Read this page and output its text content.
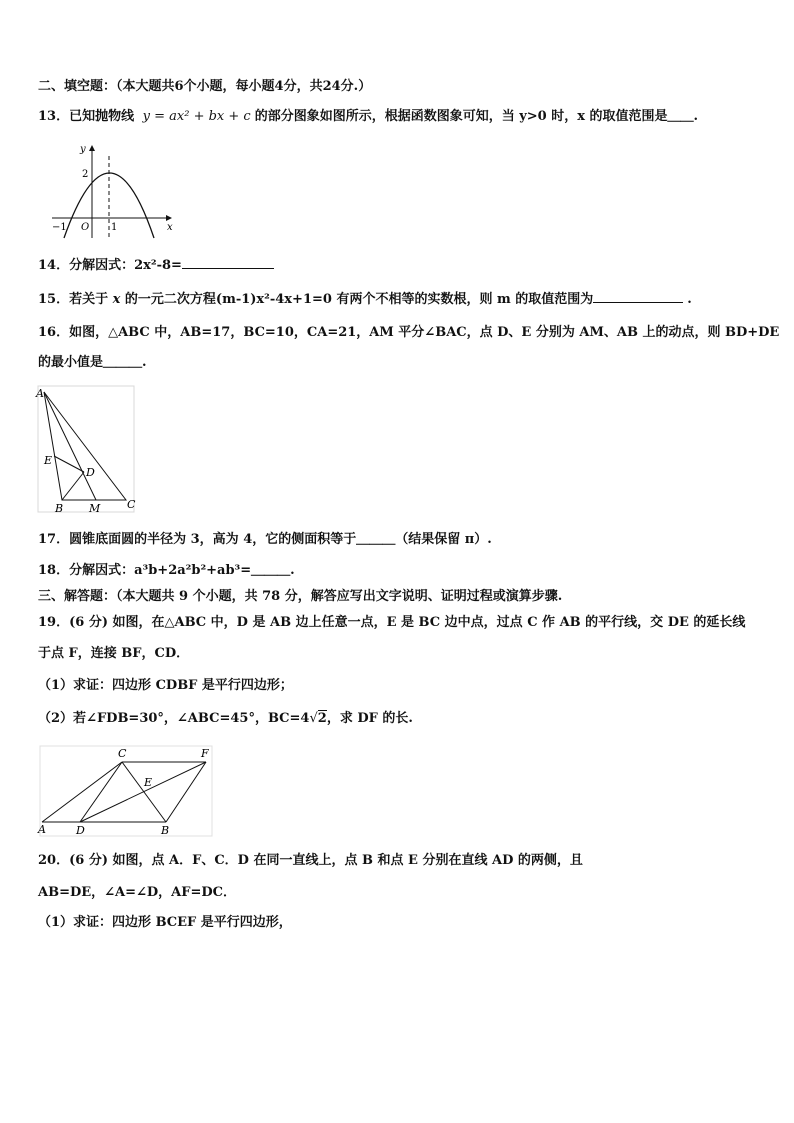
二、填空题：（本大题共6个小题，每小题4分，共24分.）
13．已知抛物线 y = ax² + bx + c 的部分图象如图所示，根据函数图象可知，当 y>0 时，x 的取值范围是＿＿.
y
x
2
−1 O 1
14．分解因式：2x²-8=
15．若关于 x 的一元二次方程(m-1)x²-4x+1=0 有两个不相等的实数根，则 m 的取值范围为	.
16．如图，△ABC 中，AB=17，BC=10，CA=21，AM 平分∠BAC，点 D、E 分别为 AM、AB 上的动点，则 BD+DE
的最小值是＿＿＿.
A
E
D
B M C
17．圆锥底面圆的半径为 3，高为 4，它的侧面积等于＿＿＿（结果保留 π）.
18．分解因式：a³b+2a²b²+ab³=＿＿＿.
三、解答题：（本大题共 9 个小题，共 78 分，解答应写出文字说明、证明过程或演算步骤.
19．(6 分) 如图，在△ABC 中，D 是 AB 边上任意一点，E 是 BC 边中点，过点 C 作 AB 的平行线，交 DE 的延长线
于点 F，连接 BF，CD．
（1）求证：四边形 CDBF 是平行四边形；
（2）若∠FDB=30°，∠ABC=45°，BC=4√2，求 DF 的长.
A	D	B
C
E
F
20．(6 分) 如图，点 A．F、C．D 在同一直线上，点 B 和点 E 分别在直线 AD 的两侧，且
AB=DE，∠A=∠D，AF=DC．
（1）求证：四边形 BCEF 是平行四边形，
